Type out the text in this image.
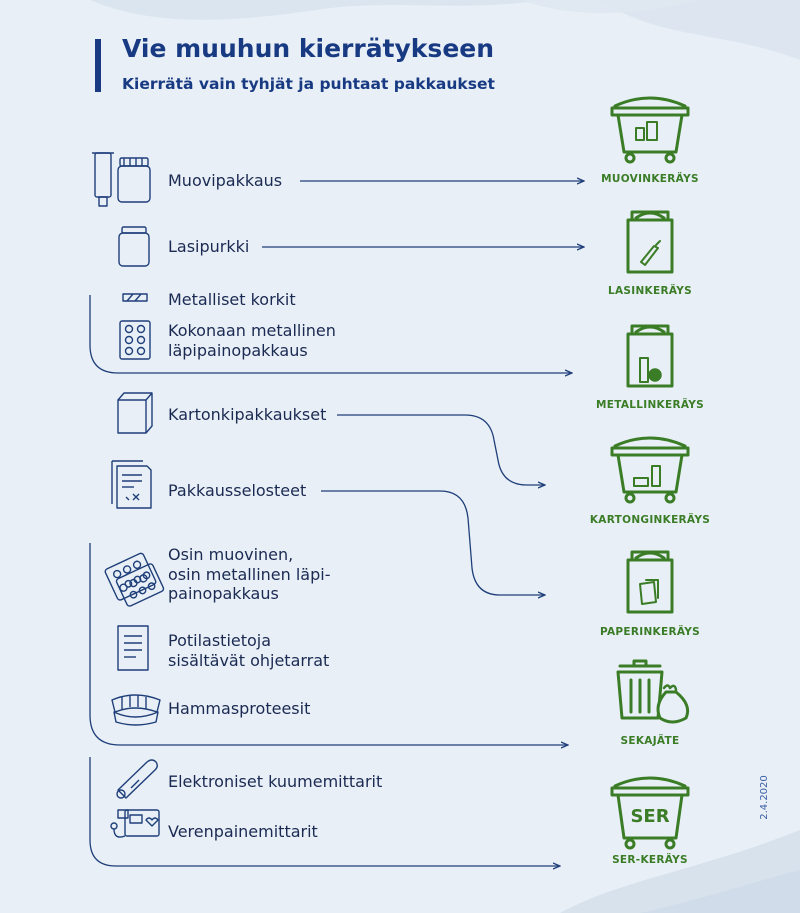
Vie muuhun kierrätykseen
Kierrätä vain tyhjät ja puhtaat pakkaukset
SER
Muovipakkaus
Lasipurkki
Metalliset korkit
Kokonaan metallinen
läpipainopakkaus
Kartonkipakkaukset
Pakkausselosteet
Osin muovinen,
osin metallinen läpi-
painopakkaus
Potilastietoja
sisältävät ohjetarrat
Hammasproteesit
Elektroniset kuumemittarit
Verenpainemittarit
MUOVINKERÄYS
LASINKERÄYS
METALLINKERÄYS
KARTONGINKERÄYS
PAPERINKERÄYS
SEKAJÄTE
SER-KERÄYS
2.4.2020
